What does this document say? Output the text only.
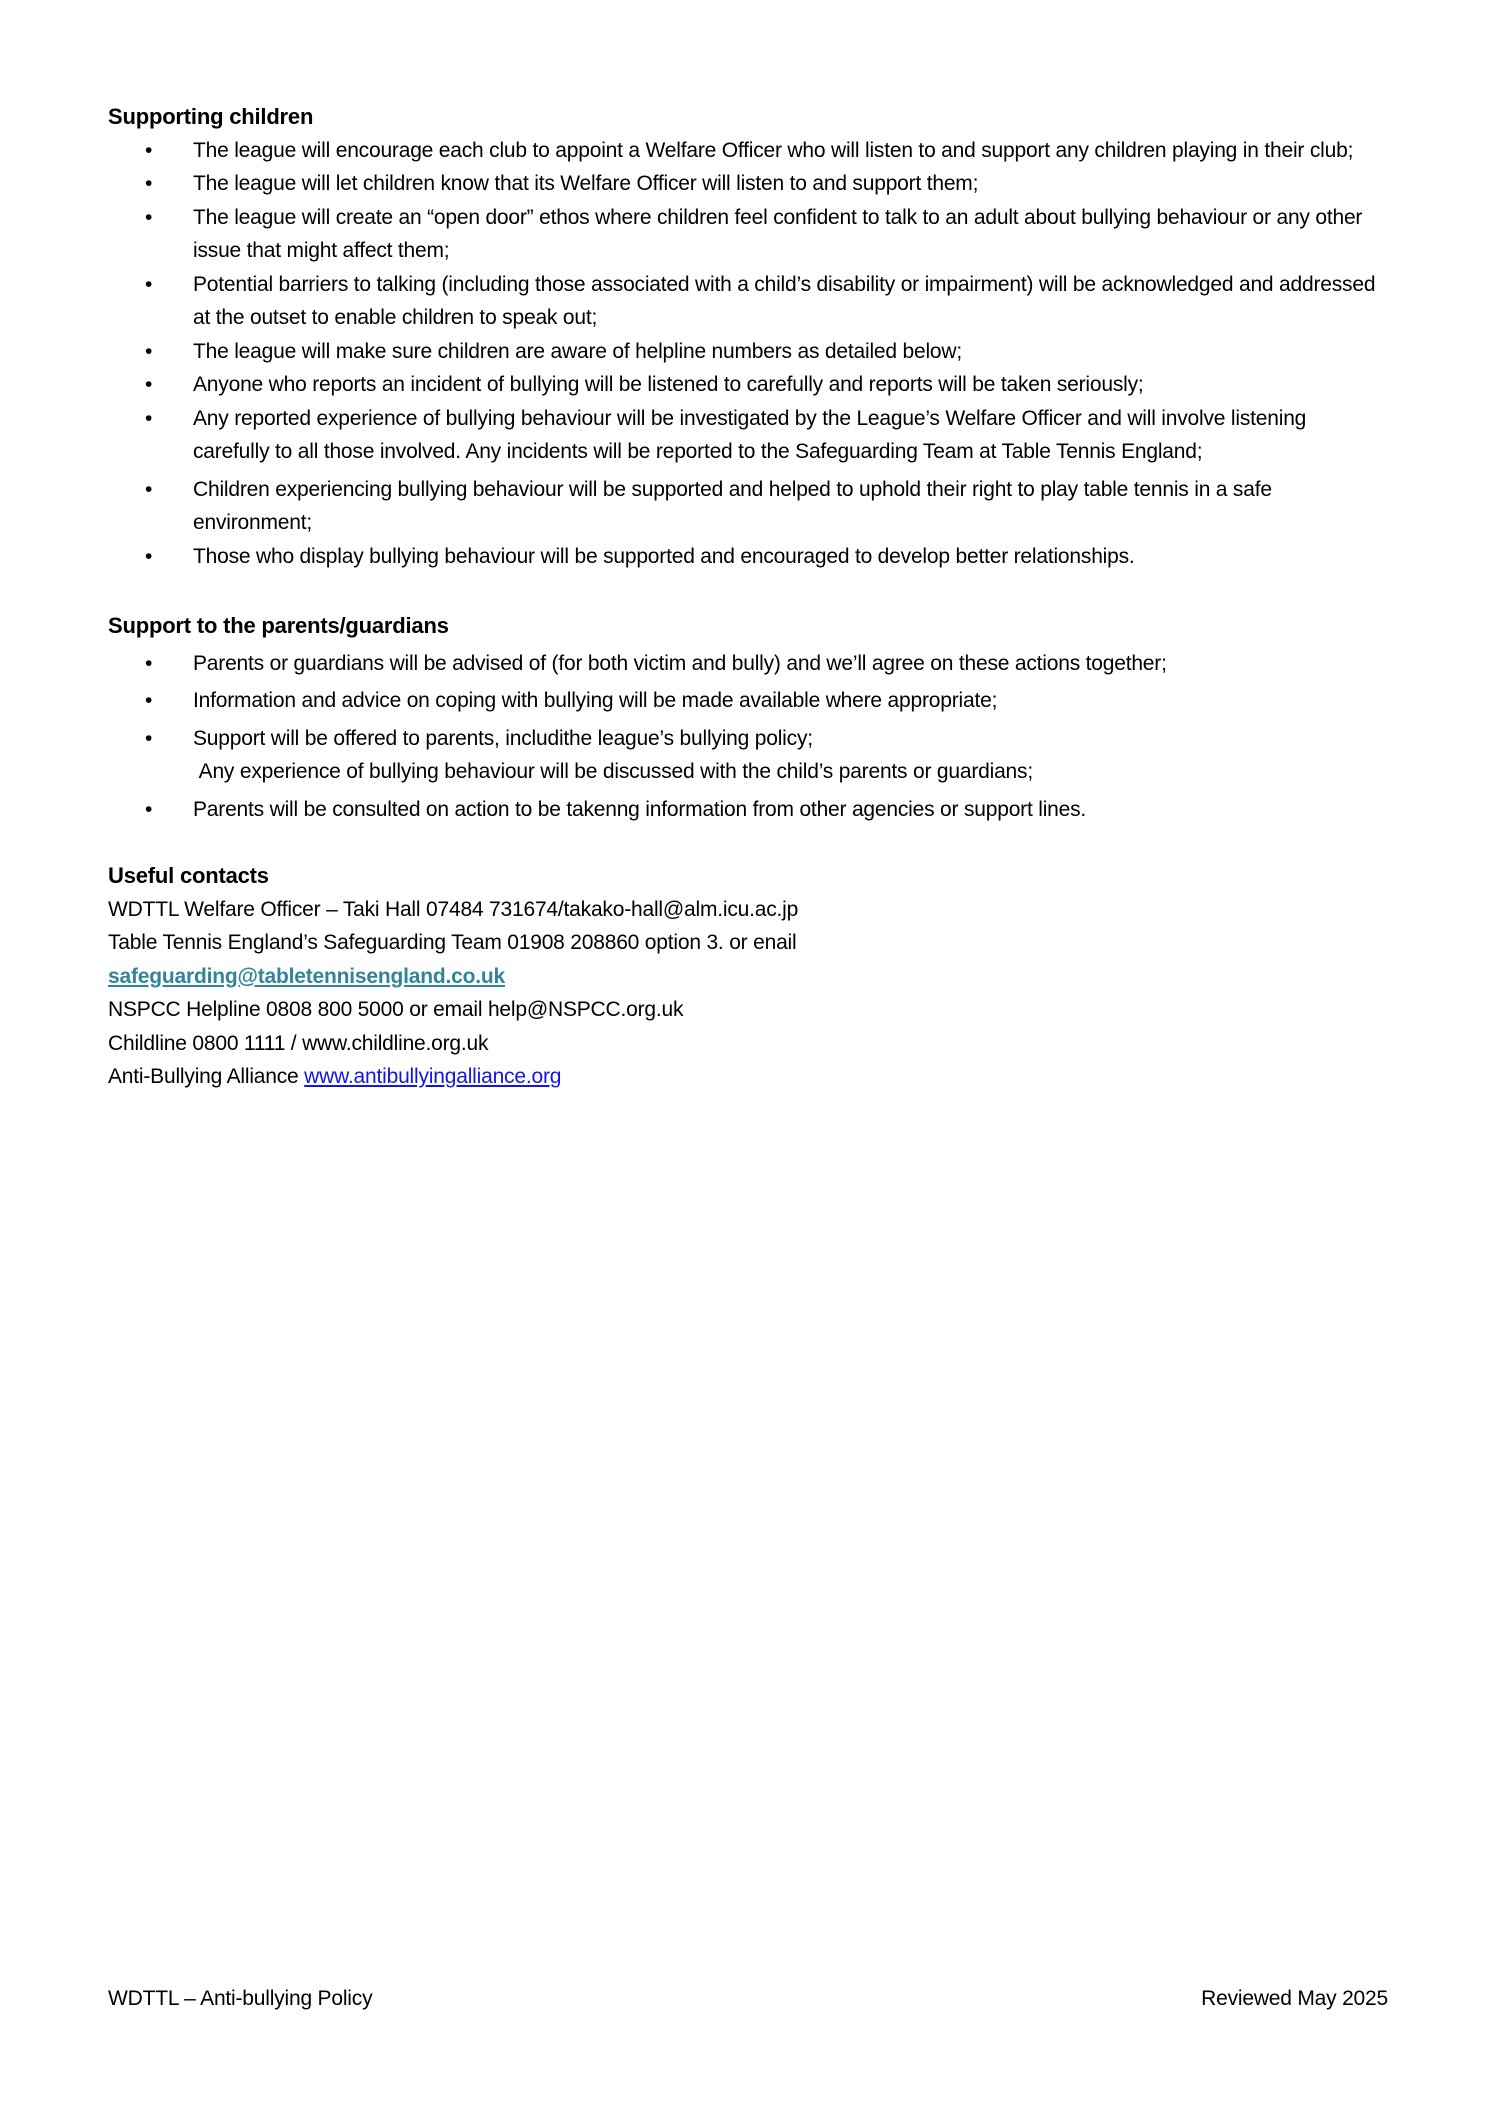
Supporting children
•	The league will encourage each club to appoint a Welfare Officer who will listen to and support any children playing in their club;
•	The league will let children know that its Welfare Officer will listen to and support them;
•	The league will create an “open door” ethos where children feel confident to talk to an adult about bullying behaviour or any other issue that might affect them;
•	Potential barriers to talking (including those associated with a child’s disability or impairment) will be acknowledged and addressed at the outset to enable children to speak out;
•	The league will make sure children are aware of helpline numbers as detailed below;
•	Anyone who reports an incident of bullying will be listened to carefully and reports will be taken seriously;
•	Any reported experience of bullying behaviour will be investigated by the League’s Welfare Officer and will involve listening carefully to all those involved. Any incidents will be reported to the Safeguarding Team at Table Tennis England;
•	Children experiencing bullying behaviour will be supported and helped to uphold their right to play table tennis in a safe environment;
•	Those who display bullying behaviour will be supported and encouraged to develop better relationships.
Support to the parents/guardians
•	Parents or guardians will be advised of (for both victim and bully) and we’ll agree on these actions together;
•	Information and advice on coping with bullying will be made available where appropriate;
•	Support will be offered to parents, includithe league’s bullying policy;
Any experience of bullying behaviour will be discussed with the child’s parents or guardians;
•	Parents will be consulted on action to be takenng information from other agencies or support lines.
Useful contacts

WDTTL Welfare Officer – Taki Hall 07484 731674/takako-hall@alm.icu.ac.jp

Table Tennis England’s Safeguarding Team 01908 208860 option 3. or enail

safeguarding@tabletennisengland.co.uk

NSPCC Helpline 0808 800 5000 or email help@NSPCC.org.uk

Childline 0800 1111 / www.childline.org.uk

Anti-Bullying Alliance www.antibullyingalliance.org

WDTTL – Anti-bullying Policy	Reviewed May 2025
